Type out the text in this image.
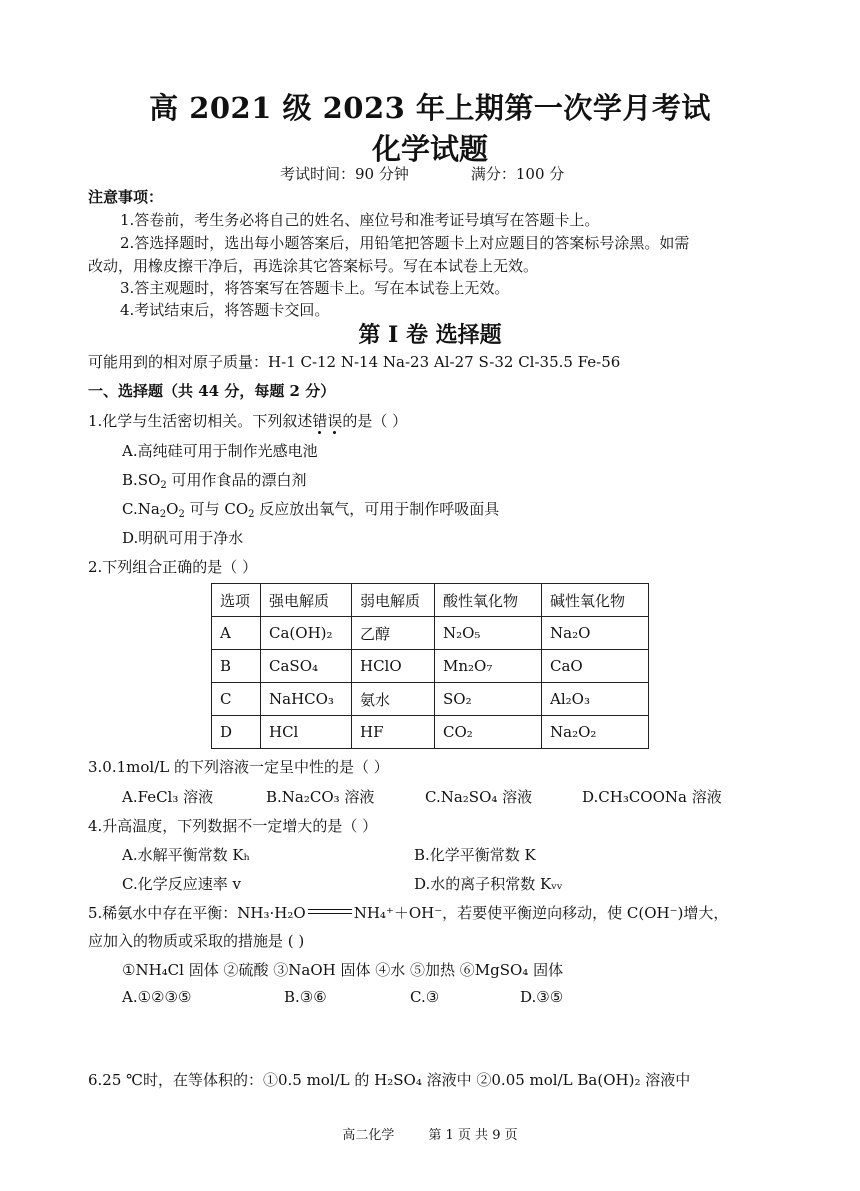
高 2021 级 2023 年上期第一次学月考试
化学试题
考试时间：90 分钟	满分：100 分
注意事项：
1.答卷前，考生务必将自己的姓名、座位号和准考证号填写在答题卡上。
2.答选择题时，选出每小题答案后，用铅笔把答题卡上对应题目的答案标号涂黑。如需
改动，用橡皮擦干净后，再选涂其它答案标号。写在本试卷上无效。
3.答主观题时，将答案写在答题卡上。写在本试卷上无效。
4.考试结束后，将答题卡交回。
第 I 卷 选择题
可能用到的相对原子质量：H-1 C-12 N-14 Na-23 Al-27 S-32 Cl-35.5 Fe-56
一、选择题（共 44 分，每题 2 分）
1.化学与生活密切相关。下列叙述错误的是（ ）
A.高纯硅可用于制作光感电池
$B.SO_2$ 可用作食品的漂白剂
$C.Na_2O_2$ 可与 $CO_2$ 反应放出氧气，可用于制作呼吸面具
D.明矾可用于净水
2.下列组合正确的是（ ）
选项	强电解质	弱电解质	酸性氧化物	碱性氧化物
A	Ca(OH)₂	乙醇	N₂O₅	Na₂O
B	CaSO₄	HClO	Mn₂O₇	CaO
C	NaHCO₃	氨水	SO₂	Al₂O₃
D	HCl	HF	CO₂	Na₂O₂
3.0.1mol/L 的下列溶液一定呈中性的是（ ）
A.FeCl₃ 溶液	B.Na₂CO₃ 溶液	C.Na₂SO₄ 溶液	D.CH₃COONa 溶液
4.升高温度，下列数据不一定增大的是（ ）
A.水解平衡常数 Kₕ	B.化学平衡常数 K
C.化学反应速率 v	D.水的离子积常数 Kᵥᵥ
5.稀氨水中存在平衡：NH₃·H₂O	NH₄⁺＋OH⁻，若要使平衡逆向移动，使 C(OH⁻)增大，
应加入的物质或采取的措施是 ( )
①NH₄Cl 固体 ②硫酸 ③NaOH 固体 ④水 ⑤加热 ⑥MgSO₄ 固体
A.①②③⑤	B.③⑥	C.③	D.③⑤
6.25 ℃时，在等体积的：①0.5 mol/L 的 H₂SO₄ 溶液中 ②0.05 mol/L Ba(OH)₂ 溶液中
高二化学	第 1 页 共 9 页
